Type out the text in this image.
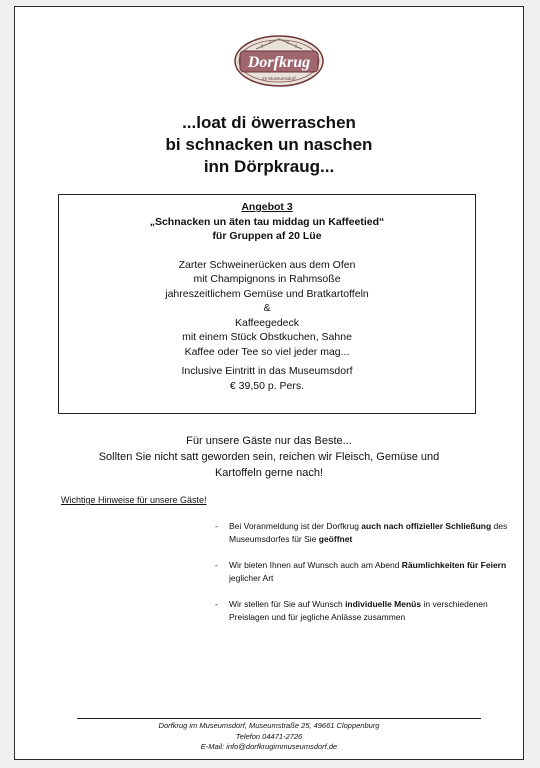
Dorfkrug
im Museumsdorf
...loat di öwerraschen
bi schnacken un naschen
inn Dörpkraug...
Angebot 3
„Schnacken un äten tau middag un Kaffeetied“
für Gruppen af 20 Lüe
Zarter Schweinerücken aus dem Ofen
mit Champignons in Rahmsoße
jahreszeitlichem Gemüse und Bratkartoffeln
&
Kaffeegedeck
mit einem Stück Obstkuchen, Sahne
Kaffee oder Tee so viel jeder mag...
Inclusive Eintritt in das Museumsdorf
€ 39,50 p. Pers.
Für unsere Gäste nur das Beste...
Sollten Sie nicht satt geworden sein, reichen wir Fleisch, Gemüse und
Kartoffeln gerne nach!
Wichtige Hinweise für unsere Gäste!
- Bei Voranmeldung ist der Dorfkrug auch nach offizieller Schließung des Museumsdorfes für Sie geöffnet
- Wir bieten Ihnen auf Wunsch auch am Abend Räumlichkeiten für Feiern jeglicher Art
- Wir stellen für Sie auf Wunsch individuelle Menüs in verschiedenen Preislagen und für jegliche Anlässe zusammen
Dorfkrug im Museumsdorf, Museumstraße 25, 49661 Cloppenburg
Telefon 04471-2726
E-Mail: info@dorfkrugimmuseumsdorf.de
